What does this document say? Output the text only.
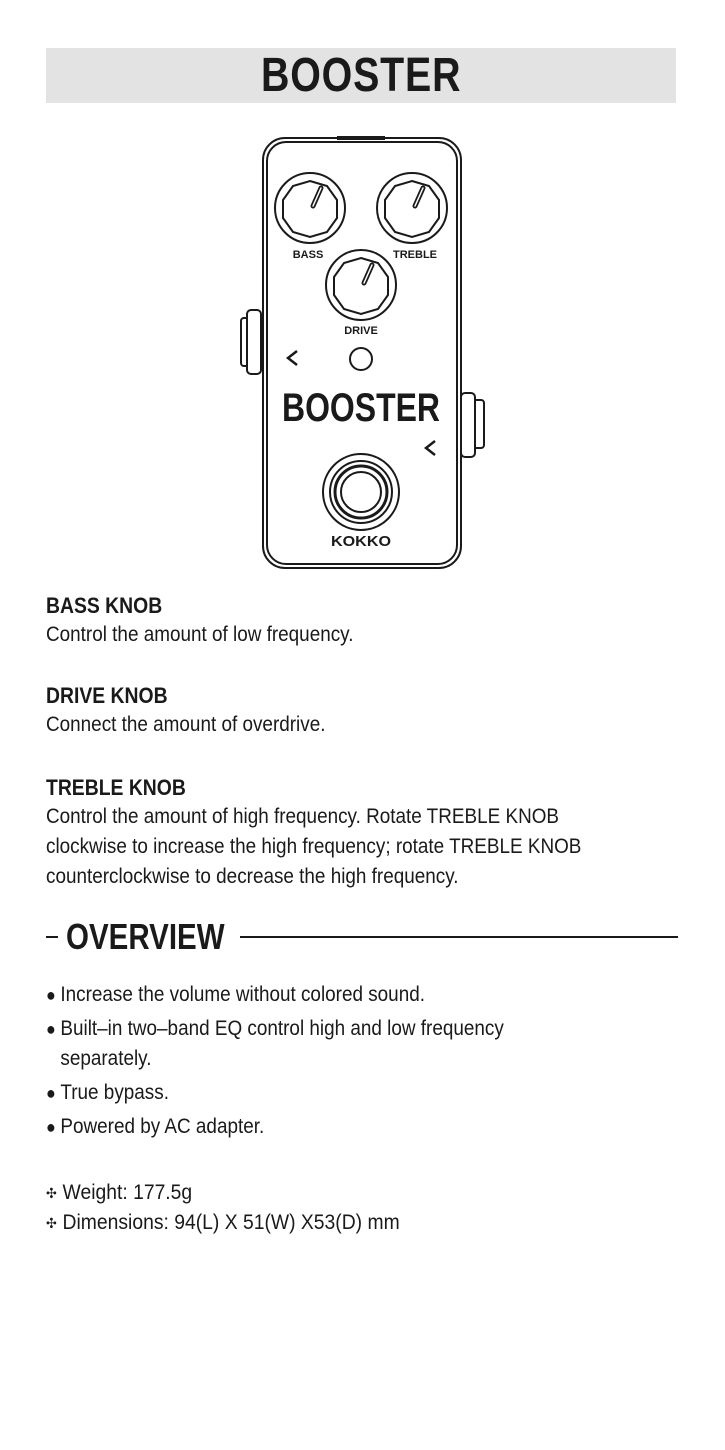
BOOSTER
BASS	TREBLE
DRIVE
BOOSTER
KOKKO
BASS KNOB

Control the amount of low frequency.

DRIVE KNOB

Connect the amount of overdrive.

TREBLE KNOB

Control the amount of high frequency. Rotate TREBLE KNOB

clockwise to increase the high frequency; rotate TREBLE KNOB

counterclockwise to decrease the high frequency.

OVERVIEW
● Increase the volume without colored sound.
● Built–in two–band EQ control high and low frequency
separately.
● True bypass.
● Powered by AC adapter.
✣ Weight: 177.5g
✣ Dimensions: 94(L) X 51(W) X53(D) mm
